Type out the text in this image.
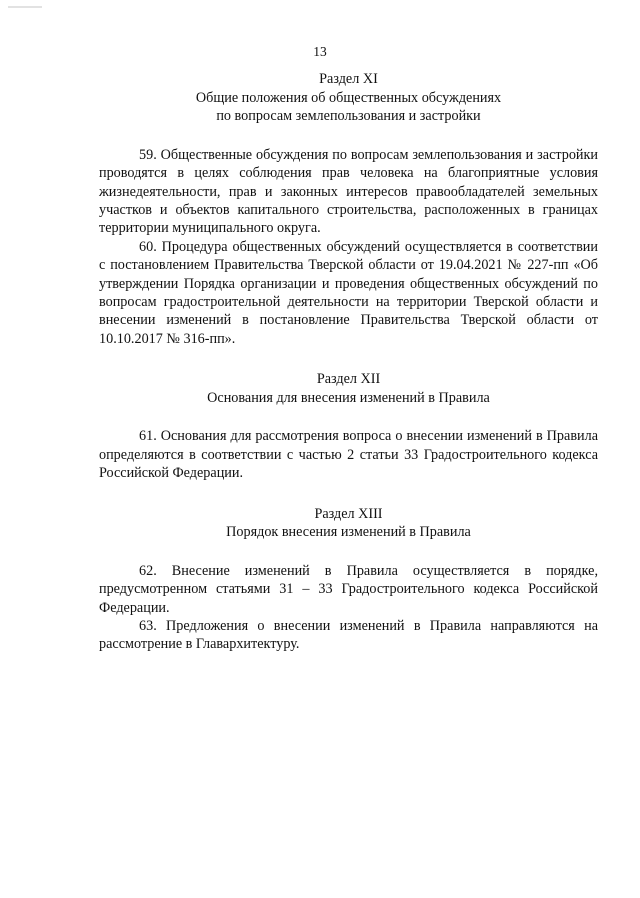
13
Раздел XI
Общие положения об общественных обсуждениях
по вопросам землепользования и застройки

59. Общественные обсуждения по вопросам землепользования и застройки проводятся в целях соблюдения прав человека на благоприятные условия жизнедеятельности, прав и законных интересов правообладателей земельных участков и объектов капитального строительства, расположенных в границах территории муниципального округа.

60. Процедура общественных обсуждений осуществляется в соответствии с постановлением Правительства Тверской области от 19.04.2021 № 227-пп «Об утверждении Порядка организации и проведения общественных обсуждений по вопросам градостроительной деятельности на территории Тверской области и внесении изменений в постановление Правительства Тверской области от 10.10.2017 № 316-пп».

Раздел XII
Основания для внесения изменений в Правила

61. Основания для рассмотрения вопроса о внесении изменений в Правила определяются в соответствии с частью 2 статьи 33 Градостроительного кодекса Российской Федерации.

Раздел XIII
Порядок внесения изменений в Правила

62. Внесение изменений в Правила осуществляется в порядке, предусмотренном статьями 31 – 33 Градостроительного кодекса Российской Федерации.

63. Предложения о внесении изменений в Правила направляются на рассмотрение в Главархитектуру.
